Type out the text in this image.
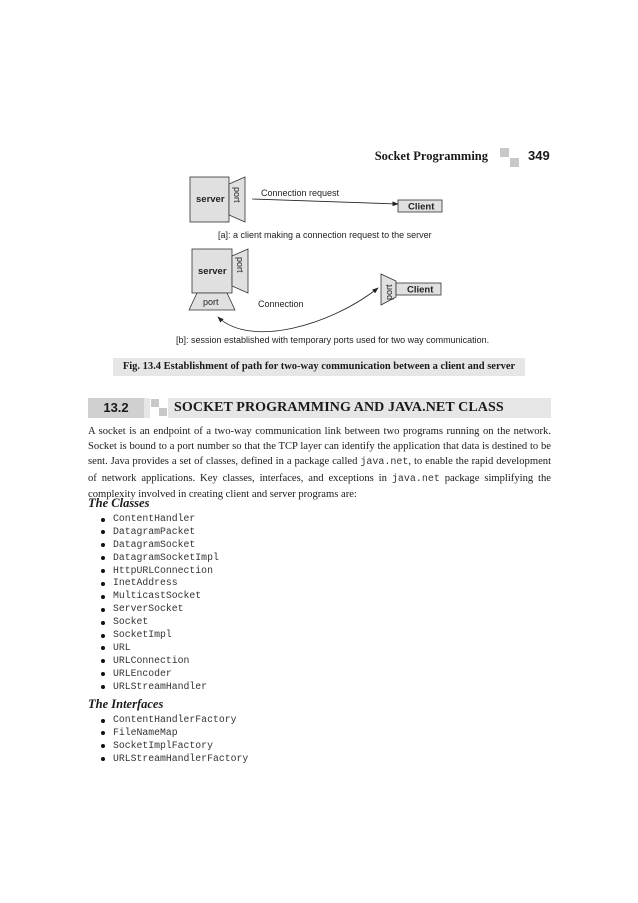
Socket Programming	349
server port Connection request
Client
[a]: a client making a connection request to the server
server port
port	Connection
port Client
[b]: session established with temporary ports used for two way communication.
Fig. 13.4 Establishment of path for two-way communication between a client and server
13.2	SOCKET PROGRAMMING AND JAVA.NET CLASS

A socket is an endpoint of a two-way communication link between two programs running on the network. Socket is bound to a port number so that the TCP layer can identify the application that data is destined to be sent. Java provides a set of classes, defined in a package called java.net, to enable the rapid development of network applications. Key classes, interfaces, and exceptions in java.net package simplifying the complexity involved in creating client and server programs are:

The Classes
ContentHandler
DatagramPacket
DatagramSocket
DatagramSocketImpl
HttpURLConnection
InetAddress
MulticastSocket
ServerSocket
Socket
SocketImpl
URL
URLConnection
URLEncoder
URLStreamHandler
The Interfaces
ContentHandlerFactory
FileNameMap
SocketImplFactory
URLStreamHandlerFactory
